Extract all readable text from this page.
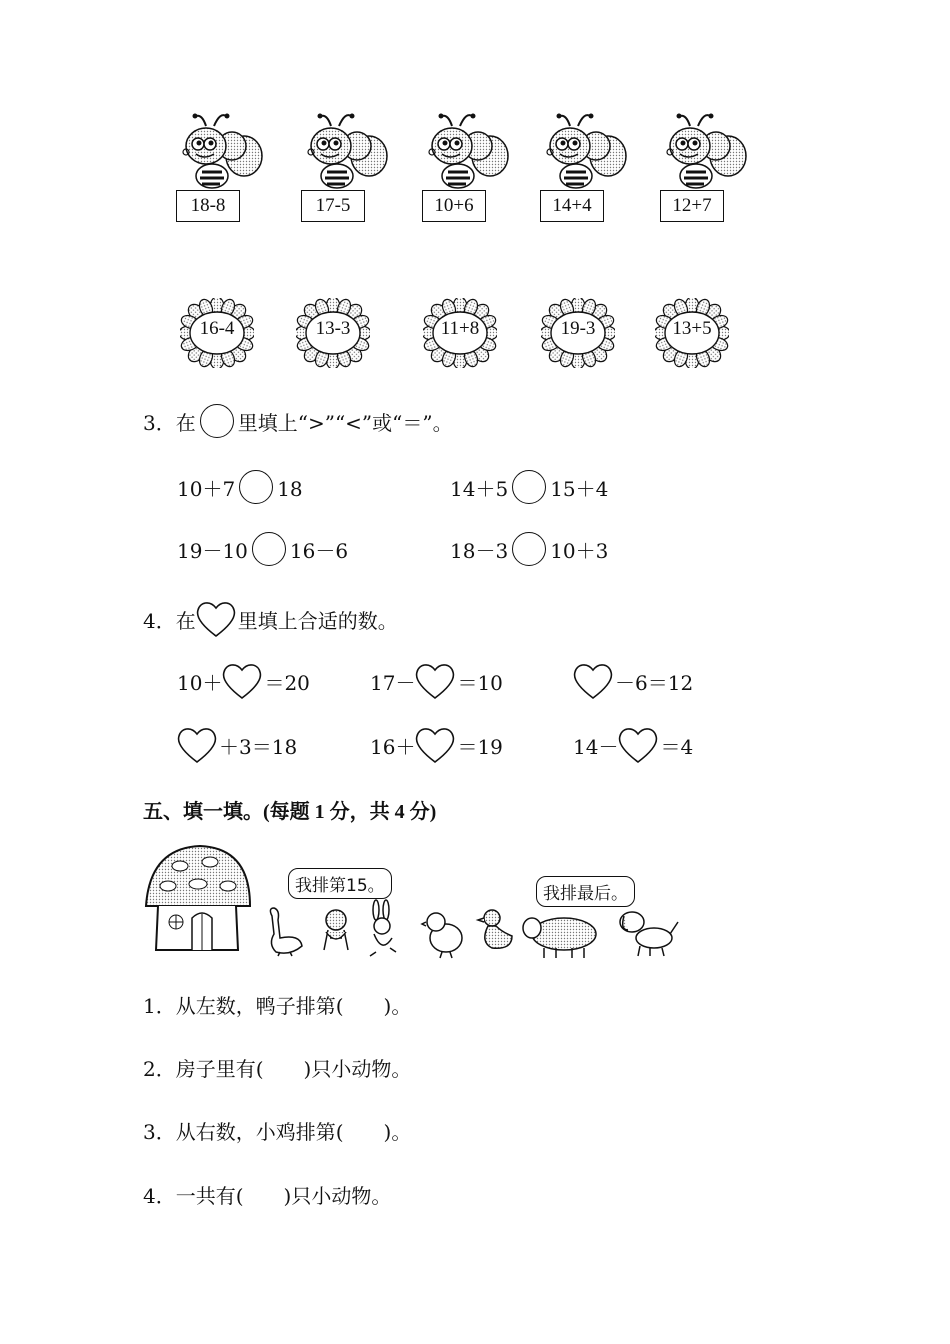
18-8	17-5	10+6	14+4	12+7
16-4	13-3	11+8	19-3	13+5
3．在 里填上“>”“<”或“＝”。
10＋7 18	14＋5 15＋4
19－10 16－6	18－3 10＋3
4．在 里填上合适的数。
10＋ ＝20	17－ ＝10	－6＝12
＋3＝18	16＋ ＝19	14－ ＝4
五、填一填。(每题 1 分，共 4 分)
我排第15。	我排最后。
1．从左数，鸭子排第(　　)。
2．房子里有(　　)只小动物。
3．从右数，小鸡排第(　　)。
4．一共有(　　)只小动物。
